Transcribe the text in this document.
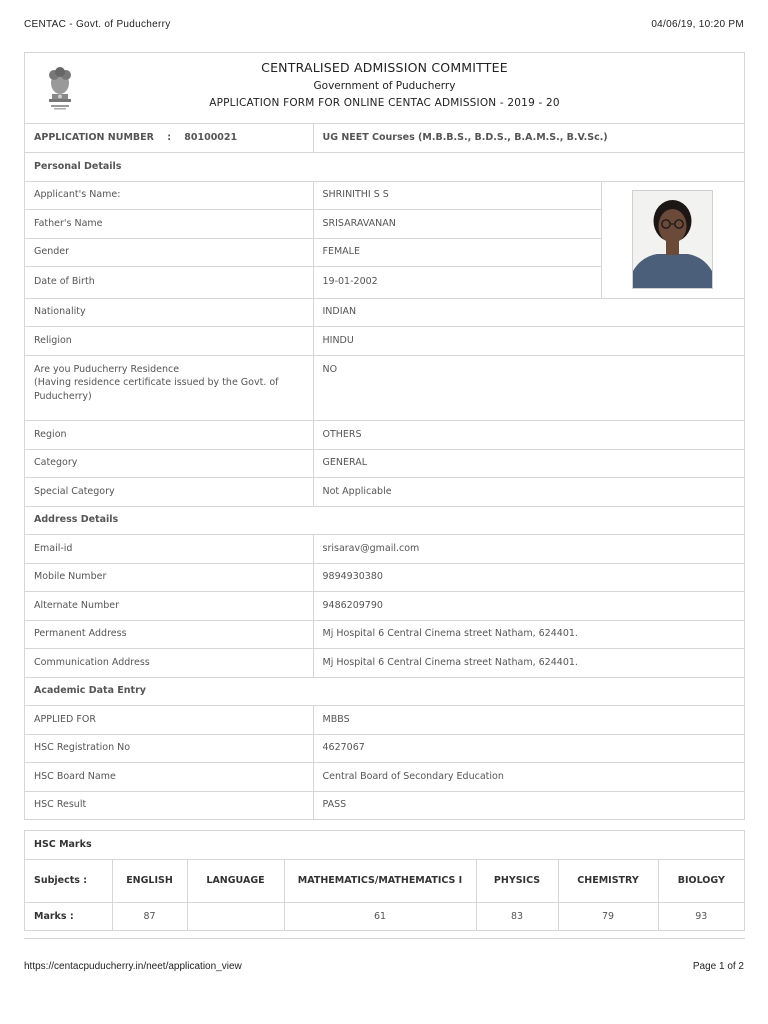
CENTAC - Govt. of Puducherry	04/06/19, 10:20 PM
CENTRALISED ADMISSION COMMITTEE
Government of Puducherry
APPLICATION FORM FOR ONLINE CENTAC ADMISSION - 2019 - 20
APPLICATION NUMBER : 80100021	UG NEET Courses (M.B.B.S., B.D.S., B.A.M.S., B.V.Sc.)	
Personal Details		
Applicant's Name:	SHRINITHI S S	

Father's Name	SRISARAVANAN	
Gender	FEMALE	
Date of Birth	19-01-2002	
Nationality	INDIAN	
Religion	HINDU	

Are you Puducherry Residence
(Having residence certificate issued by the Govt. of Puducherry)	NO	
Region	OTHERS	
Category	GENERAL	
Special Category	Not Applicable	
Address Details		
Email-id	srisarav@gmail.com	
Mobile Number	9894930380	
Alternate Number	9486209790	
Permanent Address	Mj Hospital 6 Central Cinema street Natham, 624401.	
Communication Address	Mj Hospital 6 Central Cinema street Natham, 624401.	
Academic Data Entry		
APPLIED FOR	MBBS	
HSC Registration No	4627067	
HSC Board Name	Central Board of Secondary Education	
HSC Result	PASS	
HSC Marks						
Subjects :	ENGLISH	LANGUAGE	MATHEMATICS/MATHEMATICS I	PHYSICS	CHEMISTRY	BIOLOGY
Marks :	87		61	83	79	93
https://centacpuducherry.in/neet/application_view	Page 1 of 2
